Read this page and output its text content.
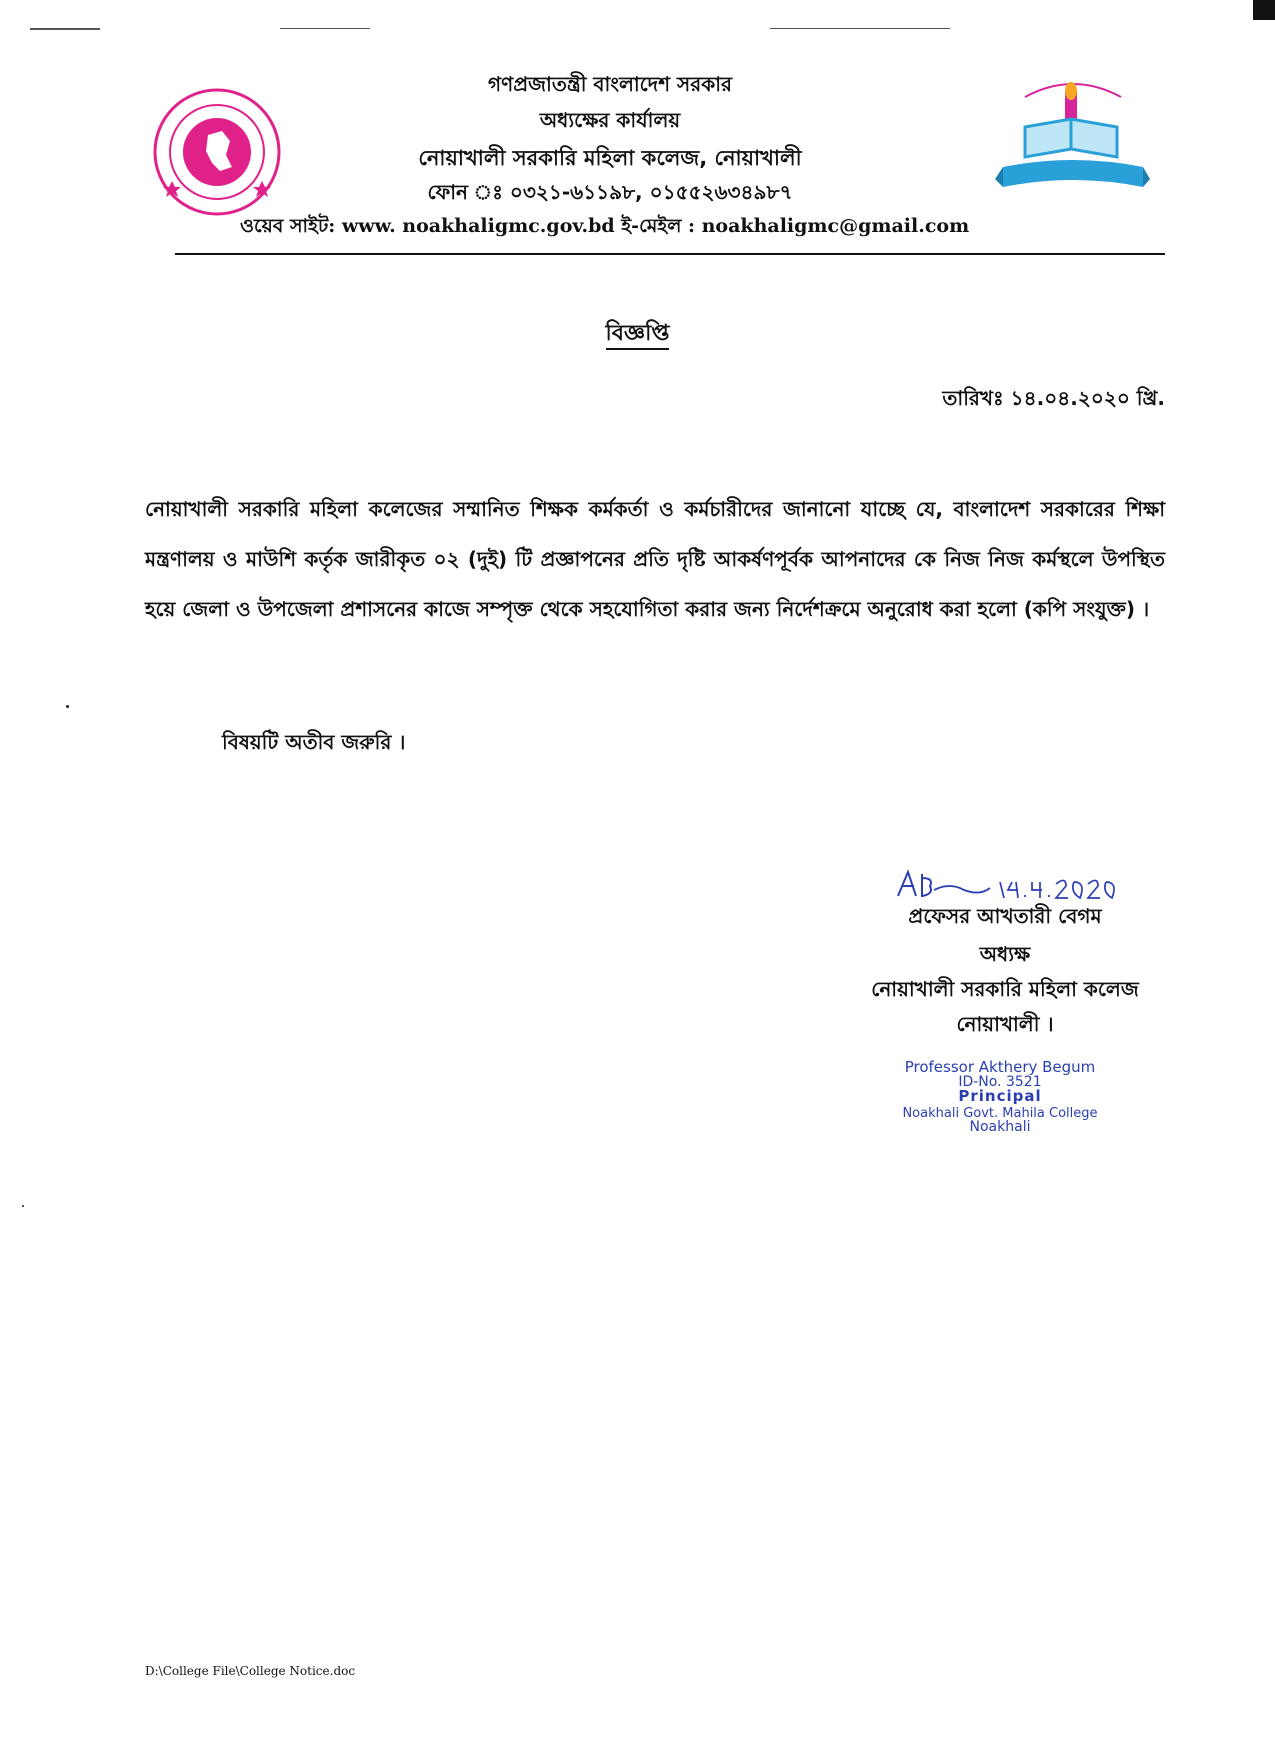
গণপ্রজাতন্ত্রী বাংলাদেশ সরকার
অধ্যক্ষের কার্যালয়
নোয়াখালী সরকারি মহিলা কলেজ, নোয়াখালী
ফোন ঃ ০৩২১-৬১১৯৮, ০১৫৫২৬৩৪৯৮৭
ওয়েব সাইট: www. noakhaligmc.gov.bd ই-মেইল : noakhaligmc@gmail.com
বিজ্ঞপ্তি
তারিখঃ ১৪.০৪.২০২০ খ্রি.
নোয়াখালী সরকারি মহিলা কলেজের সম্মানিত শিক্ষক কর্মকর্তা ও কর্মচারীদের জানানো যাচ্ছে যে, বাংলাদেশ সরকারের শিক্ষা মন্ত্রণালয় ও মাউশি কর্তৃক জারীকৃত ০২ (দুই) টি প্রজ্ঞাপনের প্রতি দৃষ্টি আকর্ষণপূর্বক আপনাদের কে নিজ নিজ কর্মস্থলে উপস্থিত হয়ে জেলা ও উপজেলা প্রশাসনের কাজে সম্পৃক্ত থেকে সহযোগিতা করার জন্য নির্দেশক্রমে অনুরোধ করা হলো (কপি সংযুক্ত) ।
বিষয়টি অতীব জরুরি ।
প্রফেসর আখতারী বেগম
অধ্যক্ষ
নোয়াখালী সরকারি মহিলা কলেজ
নোয়াখালী ।
Professor Akthery Begum
ID-No. 3521
Principal
Noakhali Govt. Mahila College
Noakhali
D:\College File\College Notice.doc
